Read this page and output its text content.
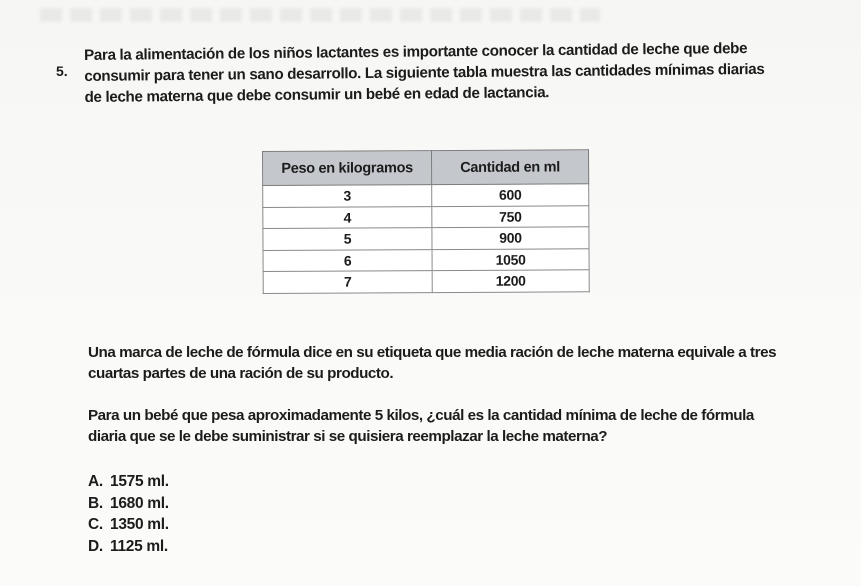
5.
Para la alimentación de los niños lactantes es importante conocer la cantidad de leche que debe consumir para tener un sano desarrollo. La siguiente tabla muestra las cantidades mínimas diarias de leche materna que debe consumir un bebé en edad de lactancia.
Peso en kilogramos	Cantidad en ml
3	600
4	750
5	900
6	1050
7	1200
Una marca de leche de fórmula dice en su etiqueta que media ración de leche materna equivale a tres cuartas partes de una ración de su producto.
Para un bebé que pesa aproximadamente 5 kilos, ¿cuál es la cantidad mínima de leche de fórmula diaria que se le debe suministrar si se quisiera reemplazar la leche materna?
A. 1575 ml.
B. 1680 ml.
C. 1350 ml.
D. 1125 ml.
